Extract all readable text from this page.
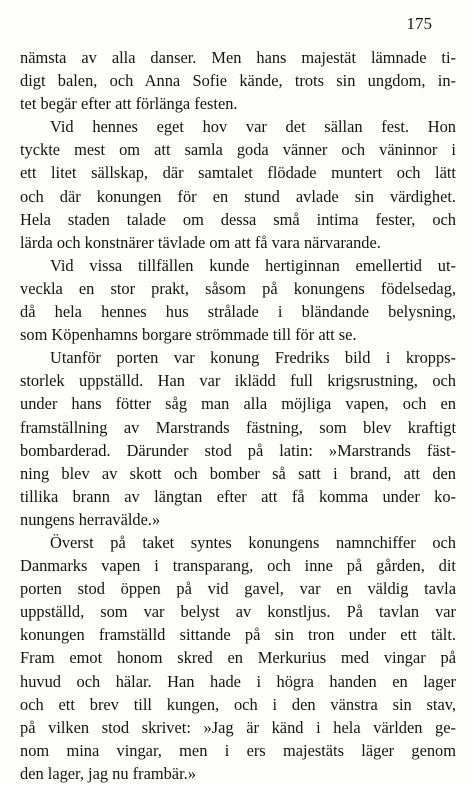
175
nämsta av alla danser. Men hans majestät lämnade ti-
digt balen, och Anna Sofie kände, trots sin ungdom, in-
tet begär efter att förlänga festen.
Vid hennes eget hov var det sällan fest. Hon
tyckte mest om att samla goda vänner och väninnor i
ett litet sällskap, där samtalet flödade muntert och lätt
och där konungen för en stund avlade sin värdighet.
Hela staden talade om dessa små intima fester, och
lärda och konstnärer tävlade om att få vara närvarande.
Vid vissa tillfällen kunde hertiginnan emellertid ut-
veckla en stor prakt, såsom på konungens födelsedag,
då hela hennes hus strålade i bländande belysning,
som Köpenhamns borgare strömmade till för att se.
Utanför porten var konung Fredriks bild i kropps-
storlek uppställd. Han var iklädd full krigsrustning, och
under hans fötter såg man alla möjliga vapen, och en
framställning av Marstrands fästning, som blev kraftigt
bombarderad. Därunder stod på latin: »Marstrands fäst-
ning blev av skott och bomber så satt i brand, att den
tillika brann av längtan efter att få komma under ko-
nungens herravälde.»
Överst på taket syntes konungens namnchiffer och
Danmarks vapen i transparang, och inne på gården, dit
porten stod öppen på vid gavel, var en väldig tavla
uppställd, som var belyst av konstljus. På tavlan var
konungen framställd sittande på sin tron under ett tält.
Fram emot honom skred en Merkurius med vingar på
huvud och hälar. Han hade i högra handen en lager
och ett brev till kungen, och i den vänstra sin stav,
på vilken stod skrivet: »Jag är känd i hela världen ge-
nom mina vingar, men i ers majestäts läger genom
den lager, jag nu frambär.»
